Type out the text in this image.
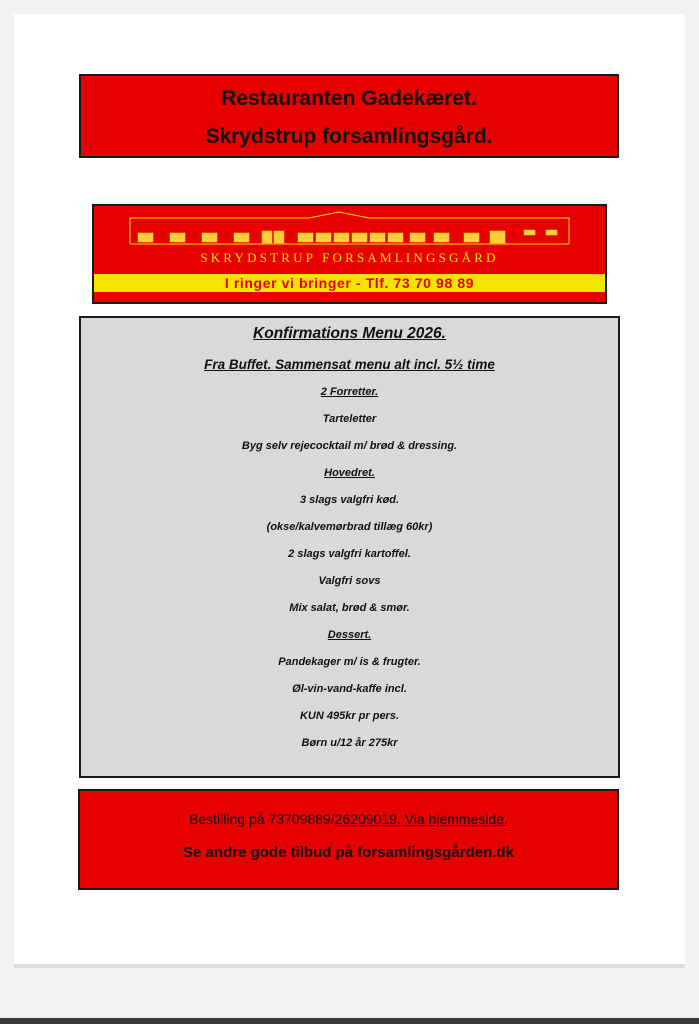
Restauranten Gadekæret.
Skrydstrup forsamlingsgård.
SKRYDSTRUP FORSAMLINGSGÅRD
I ringer vi bringer - Tlf. 73 70 98 89
Konfirmations Menu 2026.
Fra Buffet. Sammensat menu alt incl. 5½ time
2 Forretter.
Tarteletter
Byg selv rejecocktail m/ brød & dressing.
Hovedret.
3 slags valgfri kød.
(okse/kalvemørbrad tillæg 60kr)
2 slags valgfri kartoffel.
Valgfri sovs
Mix salat, brød & smør.
Dessert.
Pandekager m/ is & frugter.
Øl-vin-vand-kaffe incl.
KUN 495kr pr pers.
Børn u/12 år 275kr
Bestilling på 73709889/26209019. Via hjemmeside.
Se andre gode tilbud på forsamlingsgården.dk
